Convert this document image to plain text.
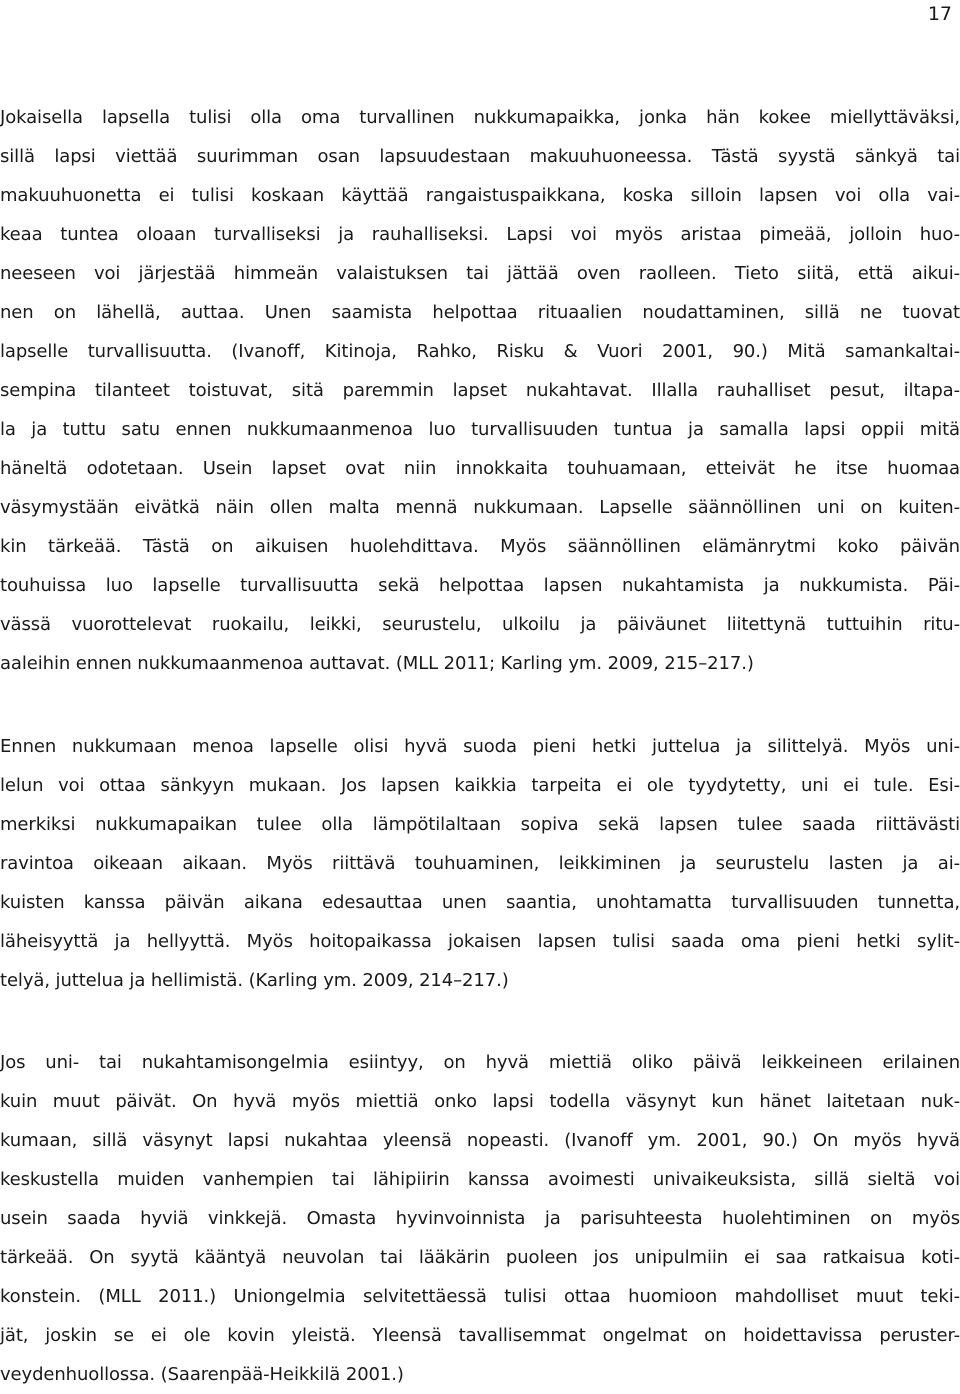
17
Jokaisella lapsella tulisi olla oma turvallinen nukkumapaikka, jonka hän kokee miellyttäväksi,
sillä lapsi viettää suurimman osan lapsuudestaan makuuhuoneessa. Tästä syystä sänkyä tai
makuuhuonetta ei tulisi koskaan käyttää rangaistuspaikkana, koska silloin lapsen voi olla vai-
keaa tuntea oloaan turvalliseksi ja rauhalliseksi. Lapsi voi myös aristaa pimeää, jolloin huo-
neeseen voi järjestää himmeän valaistuksen tai jättää oven raolleen. Tieto siitä, että aikui-
nen on lähellä, auttaa. Unen saamista helpottaa rituaalien noudattaminen, sillä ne tuovat
lapselle turvallisuutta. (Ivanoff, Kitinoja, Rahko, Risku & Vuori 2001, 90.) Mitä samankaltai-
sempina tilanteet toistuvat, sitä paremmin lapset nukahtavat. Illalla rauhalliset pesut, iltapa-
la ja tuttu satu ennen nukkumaanmenoa luo turvallisuuden tuntua ja samalla lapsi oppii mitä
häneltä odotetaan. Usein lapset ovat niin innokkaita touhuamaan, etteivät he itse huomaa
väsymystään eivätkä näin ollen malta mennä nukkumaan. Lapselle säännöllinen uni on kuiten-
kin tärkeää. Tästä on aikuisen huolehdittava. Myös säännöllinen elämänrytmi koko päivän
touhuissa luo lapselle turvallisuutta sekä helpottaa lapsen nukahtamista ja nukkumista. Päi-
vässä vuorottelevat ruokailu, leikki, seurustelu, ulkoilu ja päiväunet liitettynä tuttuihin ritu-
aaleihin ennen nukkumaanmenoa auttavat. (MLL 2011; Karling ym. 2009, 215–217.)
Ennen nukkumaan menoa lapselle olisi hyvä suoda pieni hetki juttelua ja silittelyä. Myös uni-
lelun voi ottaa sänkyyn mukaan. Jos lapsen kaikkia tarpeita ei ole tyydytetty, uni ei tule. Esi-
merkiksi nukkumapaikan tulee olla lämpötilaltaan sopiva sekä lapsen tulee saada riittävästi
ravintoa oikeaan aikaan. Myös riittävä touhuaminen, leikkiminen ja seurustelu lasten ja ai-
kuisten kanssa päivän aikana edesauttaa unen saantia, unohtamatta turvallisuuden tunnetta,
läheisyyttä ja hellyyttä. Myös hoitopaikassa jokaisen lapsen tulisi saada oma pieni hetki sylit-
telyä, juttelua ja hellimistä. (Karling ym. 2009, 214–217.)
Jos uni- tai nukahtamisongelmia esiintyy, on hyvä miettiä oliko päivä leikkeineen erilainen
kuin muut päivät. On hyvä myös miettiä onko lapsi todella väsynyt kun hänet laitetaan nuk-
kumaan, sillä väsynyt lapsi nukahtaa yleensä nopeasti. (Ivanoff ym. 2001, 90.) On myös hyvä
keskustella muiden vanhempien tai lähipiirin kanssa avoimesti univaikeuksista, sillä sieltä voi
usein saada hyviä vinkkejä. Omasta hyvinvoinnista ja parisuhteesta huolehtiminen on myös
tärkeää. On syytä kääntyä neuvolan tai lääkärin puoleen jos unipulmiin ei saa ratkaisua koti-
konstein. (MLL 2011.) Uniongelmia selvitettäessä tulisi ottaa huomioon mahdolliset muut teki-
jät, joskin se ei ole kovin yleistä. Yleensä tavallisemmat ongelmat on hoidettavissa peruster-
veydenhuollossa. (Saarenpää-Heikkilä 2001.)
